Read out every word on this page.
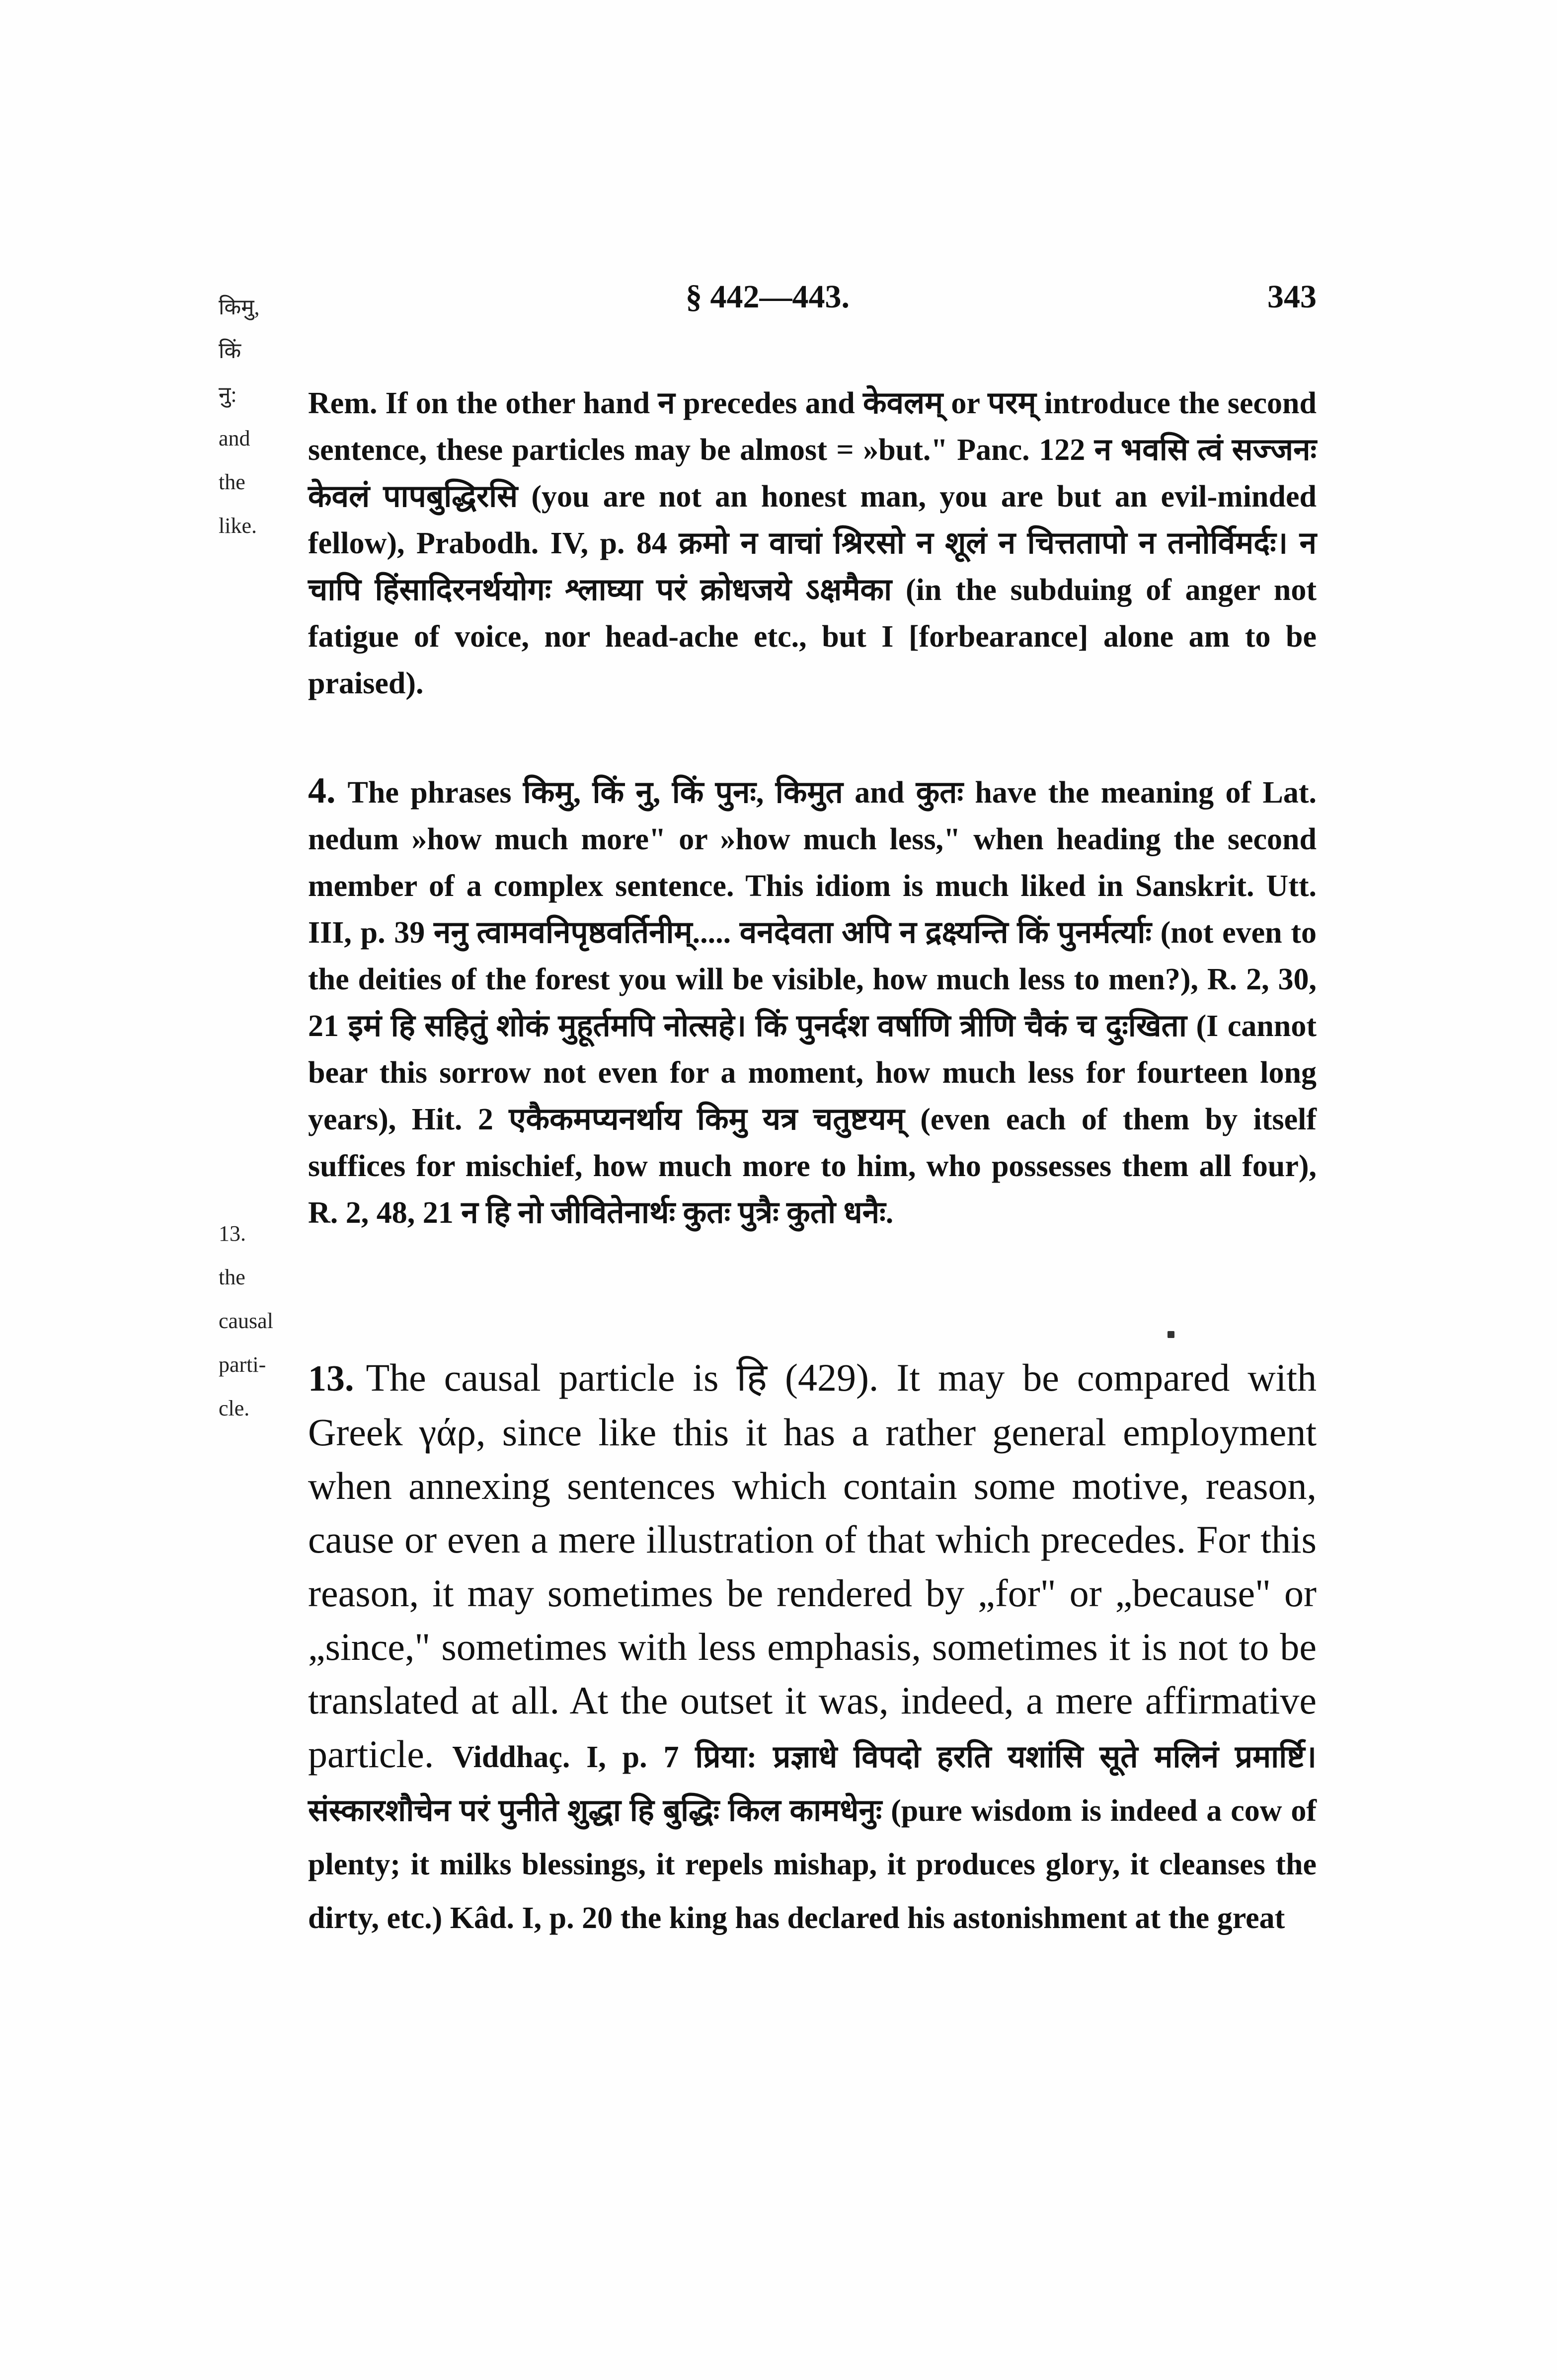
§ 442—443.	343
किमु,
किं
नु:
and
the
like.
13.
the
causal
parti-
cle.
Rem. If on the other hand न precedes and केवलम् or परम् introduce the second sentence, these particles may be almost = »but." Panc. 122 न भवसि त्वं सज्जनः केवलं पापबुद्धिरसि (you are not an honest man, you are but an evil-minded fellow), Prabodh. IV, p. 84 क्रमो न वाचां श्रिरसो न शूलं न चित्ततापो न तनोर्विमर्दः। न चापि हिंसादिरनर्थयोगः श्लाघ्या परं क्रोधजये ऽक्षमैका (in the subduing of anger not fatigue of voice, nor head-ache etc., but I [forbearance] alone am to be praised).
4. The phrases किमु, किं नु, किं पुनः, किमुत and कुतः have the meaning of Lat. nedum »how much more" or »how much less," when heading the second member of a complex sentence. This idiom is much liked in Sanskrit. Utt. III, p. 39 ननु त्वामवनिपृष्ठवर्तिनीम्..... वनदेवता अपि न द्रक्ष्यन्ति किं पुनर्मर्त्याः (not even to the deities of the forest you will be visible, how much less to men?), R. 2, 30, 21 इमं हि सहितुं शोकं मुहूर्तमपि नोत्सहे। किं पुनर्दश वर्षाणि त्रीणि चैकं च दुःखिता (I cannot bear this sorrow not even for a moment, how much less for fourteen long years), Hit. 2 एकैकमप्यनर्थाय किमु यत्र चतुष्टयम् (even each of them by itself suffices for mischief, how much more to him, who possesses them all four), R. 2, 48, 21 न हि नो जीवितेनार्थः कुतः पुत्रैः कुतो धनैः.
13. The causal particle is हि (429). It may be compared with Greek γάρ, since like this it has a rather general employment when annexing sentences which contain some motive, reason, cause or even a mere illustration of that which precedes. For this reason, it may sometimes be rendered by „for" or „because" or „since," sometimes with less emphasis, sometimes it is not to be translated at all. At the outset it was, indeed, a mere affirmative particle. Viddhaç. I, p. 7 प्रिया: प्रज्ञाधे विपदो हरति यशांसि सूते मलिनं प्रमार्ष्टि। संस्कारशौचेन परं पुनीते शुद्धा हि बुद्धिः किल कामधेनुः (pure wisdom is indeed a cow of plenty; it milks blessings, it repels mishap, it produces glory, it cleanses the dirty, etc.) Kâd. I, p. 20 the king has declared his astonishment at the great
